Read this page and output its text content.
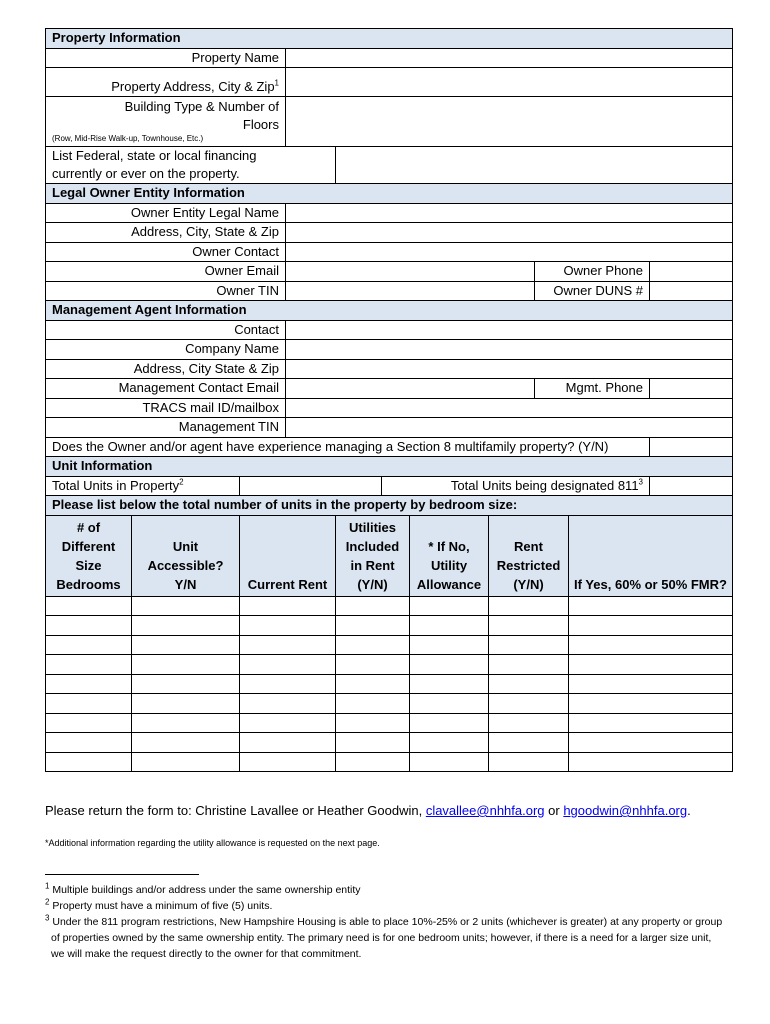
Property Information						
Property Name						
Property Address, City & Zip$^1$	
Building Type & Number of
Floors
(Row, Mid-Rise Walk-up, Townhouse, Etc.)						

List Federal, state or local financing
currently or ever on the property.						
Legal Owner Entity Information						
Owner Entity Legal Name						
Address, City, State & Zip						
Owner Contact						
Owner Email					Owner Phone	
Owner TIN					Owner DUNS #	
Management Agent Information						
Contact						
Company Name						
Address, City State & Zip						
Management Contact Email					Mgmt. Phone	
TRACS mail ID/mailbox						
Management TIN						
Does the Owner and/or agent have experience managing a Section 8 multifamily property? (Y/N)						
Unit Information						
Total Units in Property$^2$				Total Units being designated $811^3$	
Please list below the total number of units in the property by bedroom size:						
# of Different Size Bedrooms	Unit Accessible? Y/N	Current Rent	Utilities Included in Rent (Y/N)	* If No, Utility Allowance	Rent Restricted (Y/N)	If Yes, 60% or 50% FMR?

Please return the form to: Christine Lavallee or Heather Goodwin, clavallee@nhhfa.org or hgoodwin@nhhfa.org.
*Additional information regarding the utility allowance is requested on the next page.
$^1$ Multiple buildings and/or address under the same ownership entity
$^2$ Property must have a minimum of five (5) units.
$^3$ Under the 811 program restrictions, New Hampshire Housing is able to place 10%-25% or 2 units (whichever is greater) at any property or group of properties owned by the same ownership entity. The primary need is for one bedroom units; however, if there is a need for a larger size unit, we will make the request directly to the owner for that commitment.
